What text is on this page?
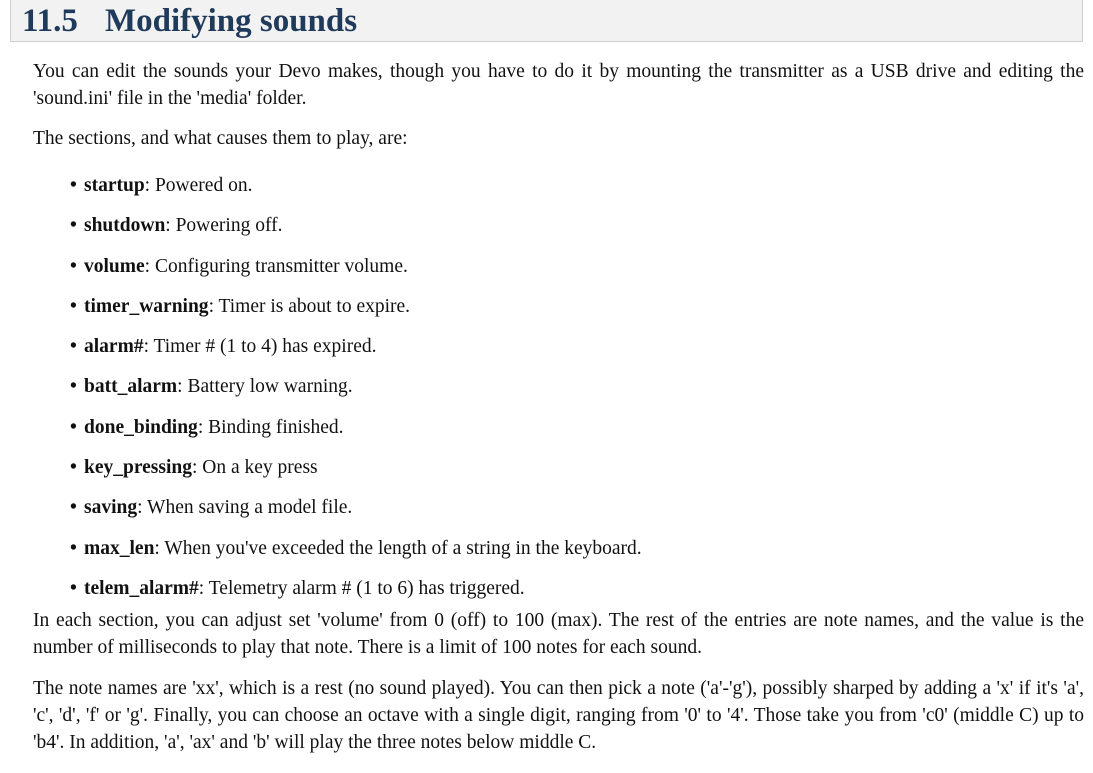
11.5 Modifying sounds

You can edit the sounds your Devo makes, though you have to do it by mounting the transmitter as a USB drive and editing the 'sound.ini' file in the 'media' folder.

The sections, and what causes them to play, are:

• startup: Powered on.
• shutdown: Powering off.
• volume: Configuring transmitter volume.
• timer_warning: Timer is about to expire.
• alarm#: Timer # (1 to 4) has expired.
• batt_alarm: Battery low warning.
• done_binding: Binding finished.
• key_pressing: On a key press
• saving: When saving a model file.
• max_len: When you've exceeded the length of a string in the keyboard.
• telem_alarm#: Telemetry alarm # (1 to 6) has triggered.

In each section, you can adjust set 'volume' from 0 (off) to 100 (max). The rest of the entries are note names, and the value is the number of milliseconds to play that note. There is a limit of 100 notes for each sound.

The note names are 'xx', which is a rest (no sound played). You can then pick a note ('a'-'g'), possibly sharped by adding a 'x' if it's 'a', 'c', 'd', 'f' or 'g'. Finally, you can choose an octave with a single digit, ranging from '0' to '4'. Those take you from 'c0' (middle C) up to 'b4'. In addition, 'a', 'ax' and 'b' will play the three notes below middle C.
